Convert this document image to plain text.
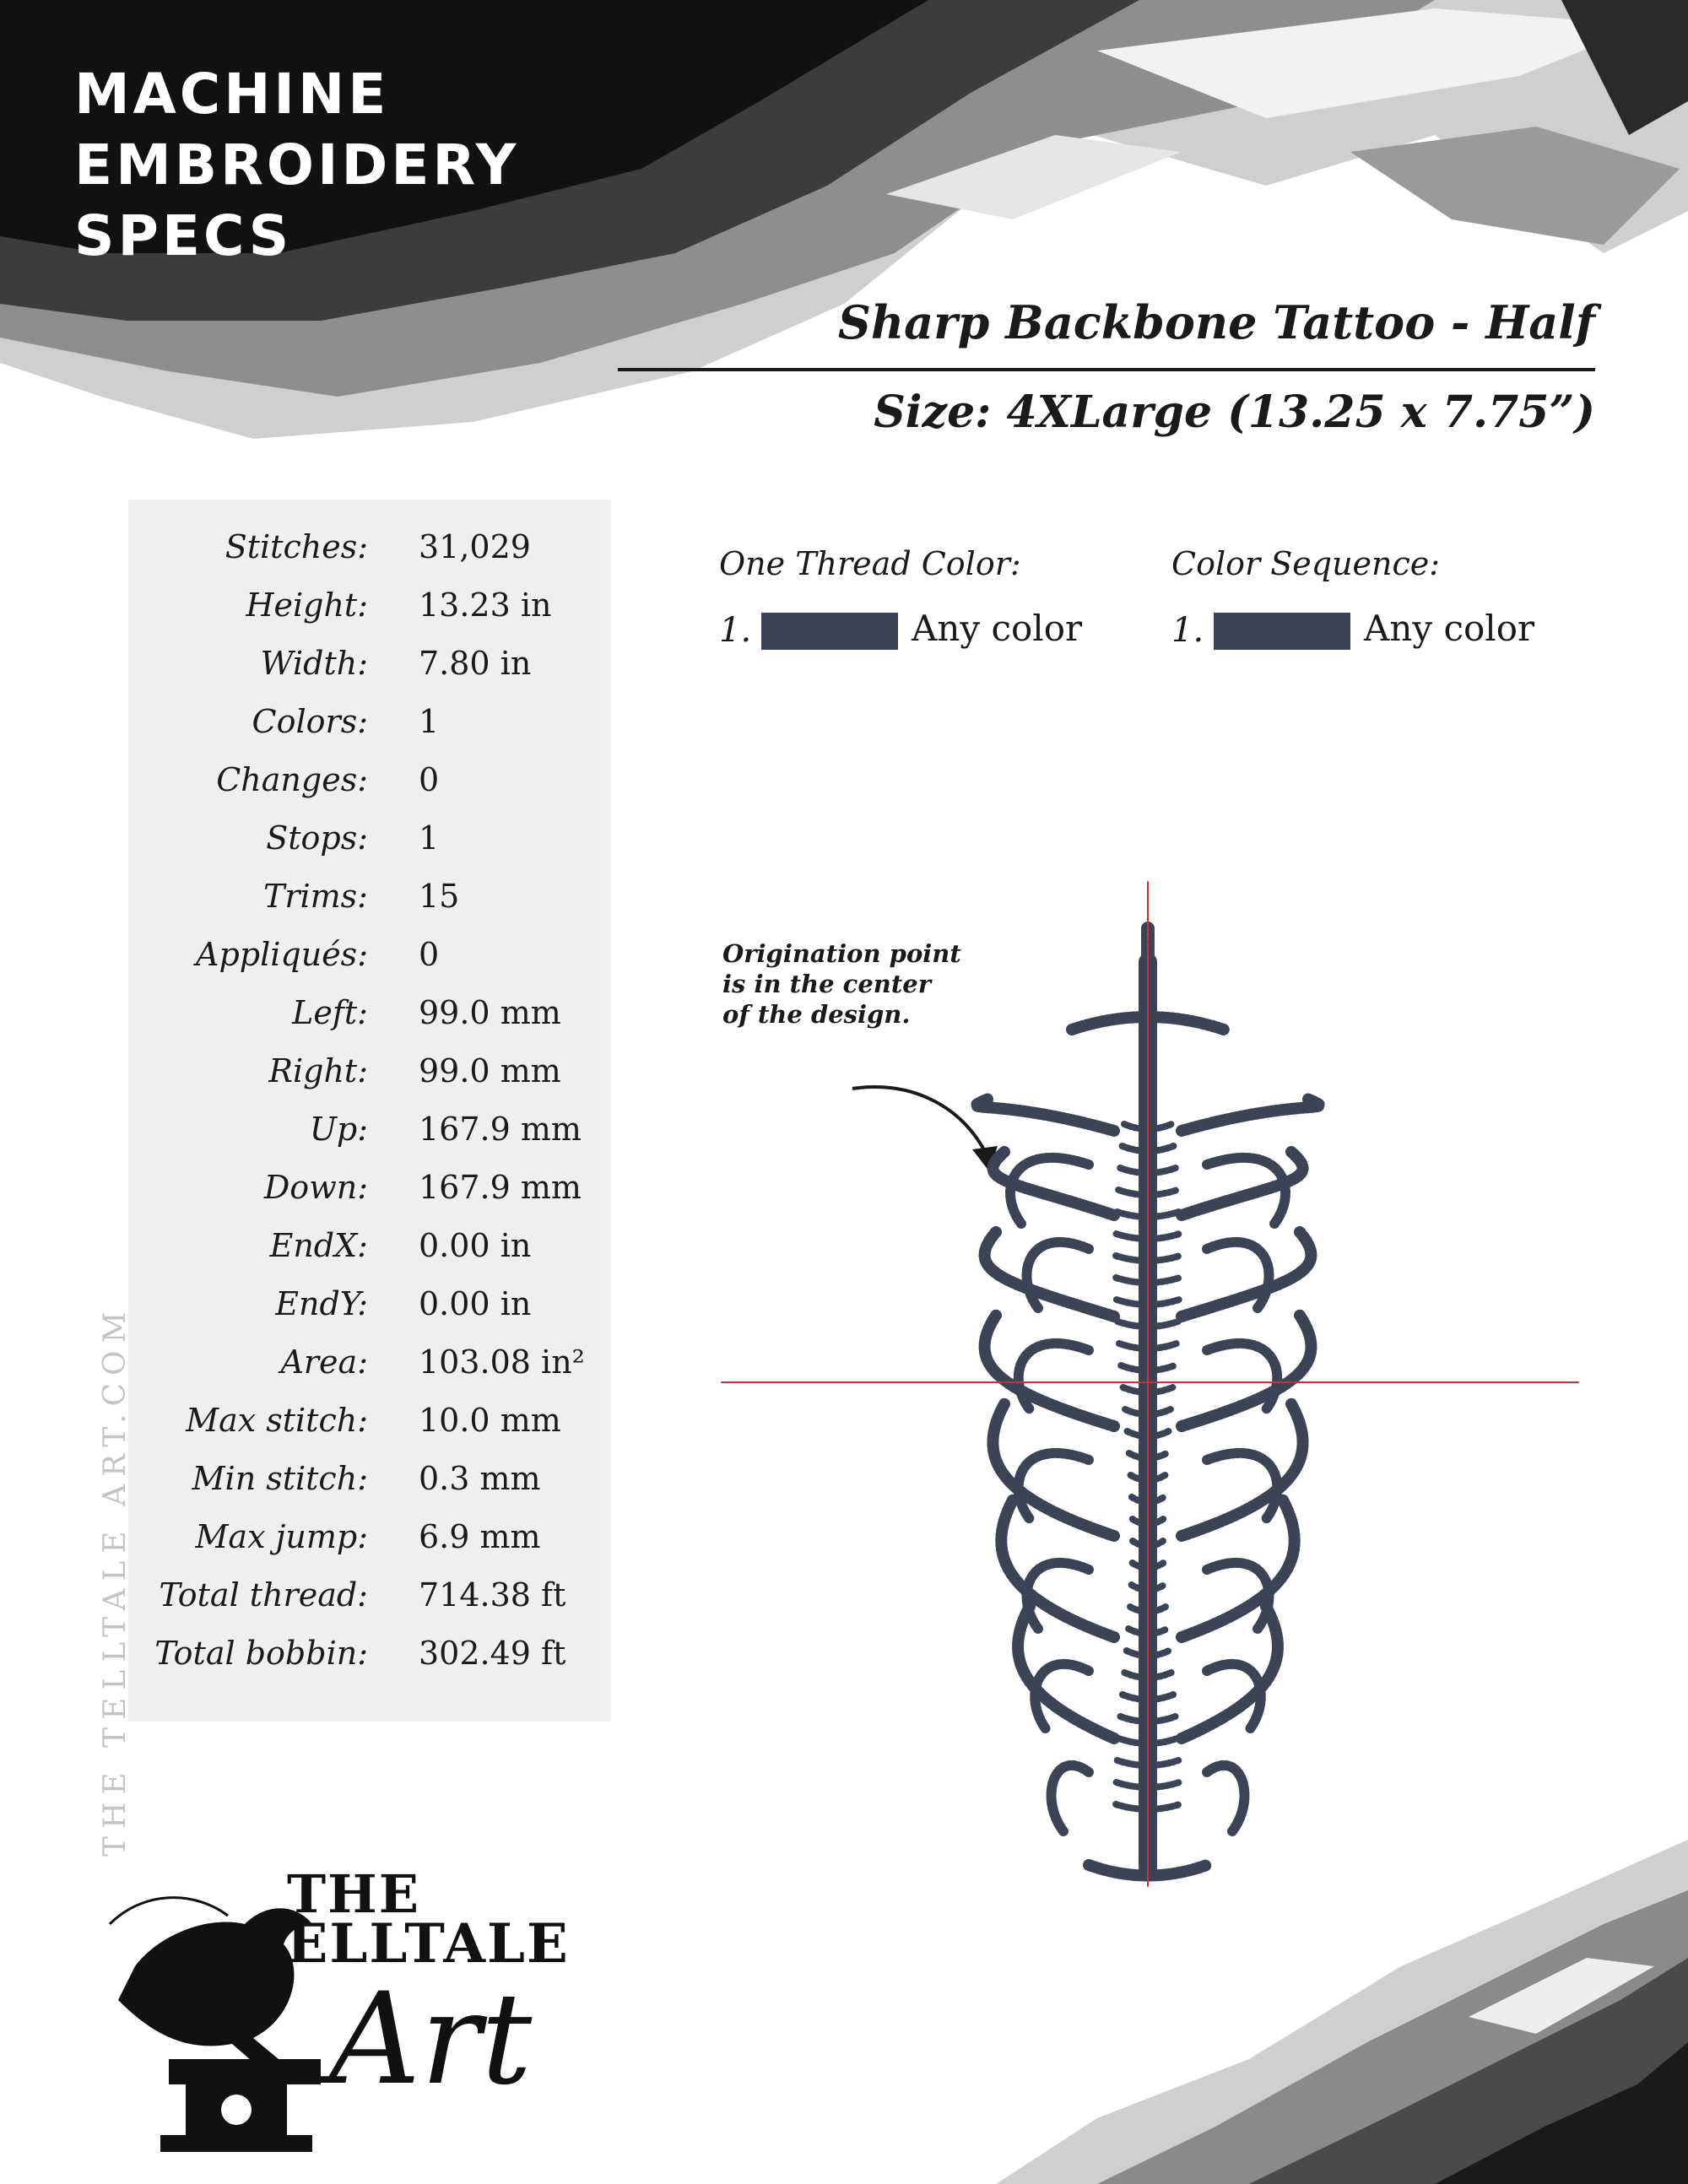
MACHINE
EMBROIDERY
SPECS
Sharp Backbone Tattoo - Half
Size: 4XLarge (13.25 x 7.75”)
Stitches: 31,029
Height: 13.23 in
Width: 7.80 in
Colors: 1
Changes: 0
Stops: 1
Trims: 15
Appliqués: 0
Left: 99.0 mm
Right: 99.0 mm
Up: 167.9 mm
Down: 167.9 mm
EndX: 0.00 in
EndY: 0.00 in
Area: 103.08 in²
Max stitch: 10.0 mm
Min stitch: 0.3 mm
Max jump: 6.9 mm
Total thread: 714.38 ft
Total bobbin: 302.49 ft
One Thread Color:
1.	Any color
Color Sequence:
1.	Any color

Origination point
is in the center
of the design.

THE TELLTALE ART.COM
THE
TELLTALE
Art
